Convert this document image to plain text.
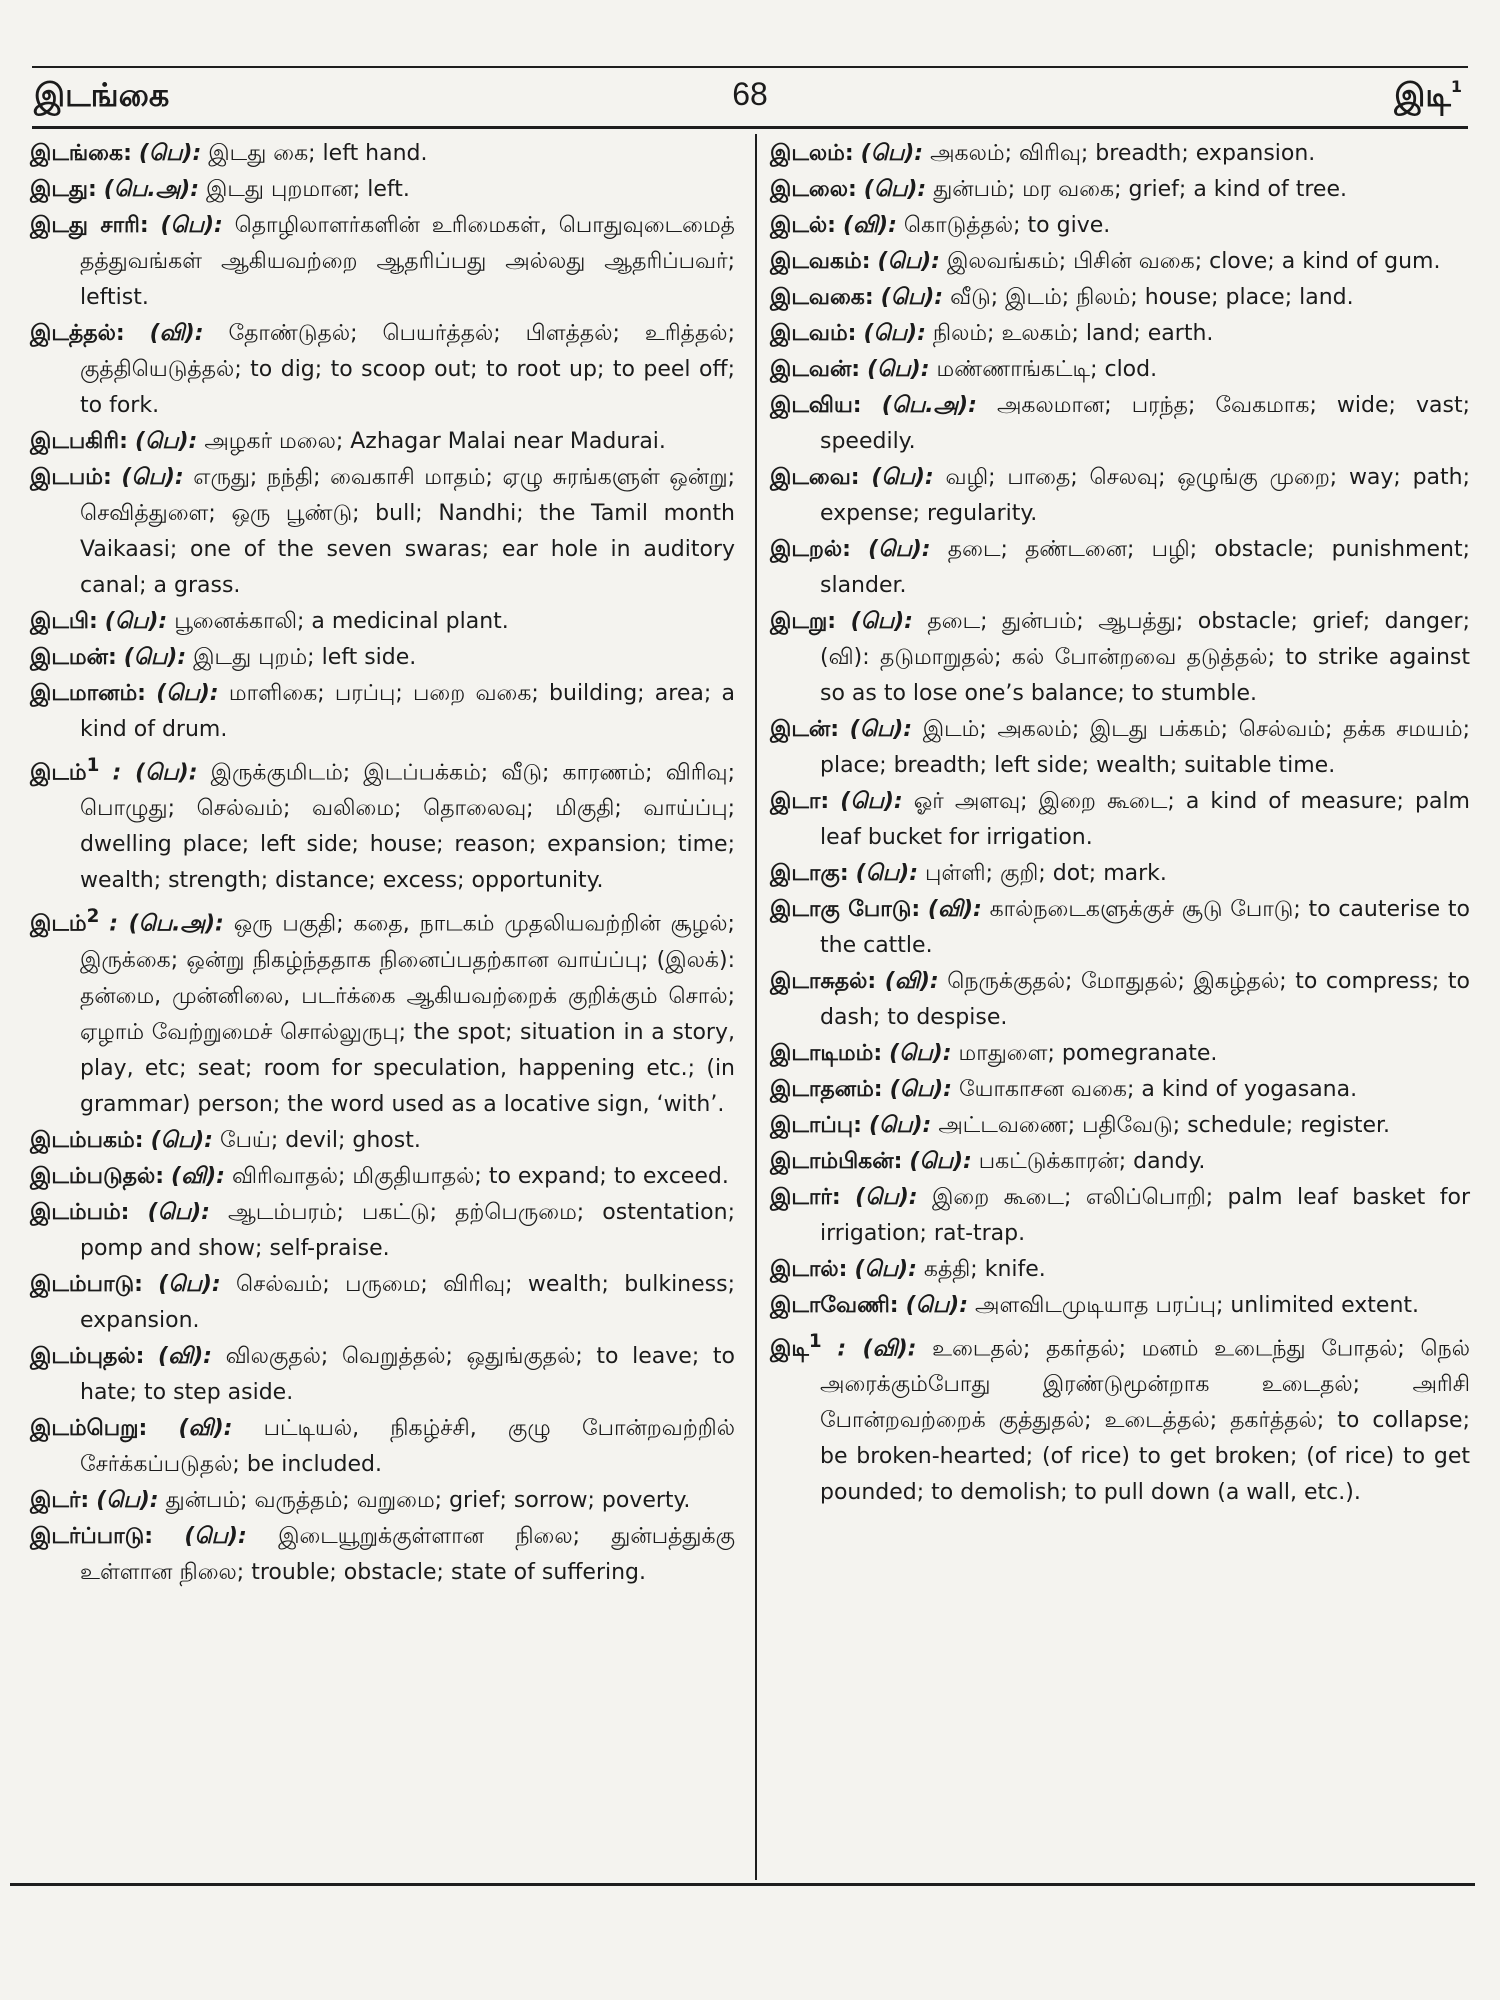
இடங்கை	68	இடி$^1$
இடங்கை: (பெ): இடது கை; left hand.
இடது: (பெ.அ): இடது புறமான; left.
இடது சாரி: (பெ): தொழிலாளர்களின் உரிமைகள், பொதுவுடைமைத் தத்துவங்கள் ஆகியவற்றை ஆதரிப்பது அல்லது ஆதரிப்பவர்; leftist.
இடத்தல்: (வி): தோண்டுதல்; பெயர்த்தல்; பிளத்தல்; உரித்தல்; குத்தியெடுத்தல்; to dig; to scoop out; to root up; to peel off; to fork.
இடபகிரி: (பெ): அழகர் மலை; Azhagar Malai near Madurai.
இடபம்: (பெ): எருது; நந்தி; வைகாசி மாதம்; ஏழு சுரங்களுள் ஒன்று; செவித்துளை; ஒரு பூண்டு; bull; Nandhi; the Tamil month Vaikaasi; one of the seven swaras; ear hole in auditory canal; a grass.
இடபி: (பெ): பூனைக்காலி; a medicinal plant.
இடமன்: (பெ): இடது புறம்; left side.
இடமானம்: (பெ): மாளிகை; பரப்பு; பறை வகை; building; area; a kind of drum.
இடம்$^1$ : (பெ): இருக்குமிடம்; இடப்பக்கம்; வீடு; காரணம்; விரிவு; பொழுது; செல்வம்; வலிமை; தொலைவு; மிகுதி; வாய்ப்பு; dwelling place; left side; house; reason; expansion; time; wealth; strength; distance; excess; opportunity.
இடம்$^2$ : (பெ.அ): ஒரு பகுதி; கதை, நாடகம் முதலியவற்றின் சூழல்; இருக்கை; ஒன்று நிகழ்ந்ததாக நினைப்பதற்கான வாய்ப்பு; (இலக்): தன்மை, முன்னிலை, படர்க்கை ஆகியவற்றைக் குறிக்கும் சொல்; ஏழாம் வேற்றுமைச் சொல்லுருபு; the spot; situation in a story, play, etc; seat; room for speculation, happening etc.; (in grammar) person; the word used as a locative sign, ‘with’.
இடம்பகம்: (பெ): பேய்; devil; ghost.
இடம்படுதல்: (வி): விரிவாதல்; மிகுதியாதல்; to expand; to exceed.
இடம்பம்: (பெ): ஆடம்பரம்; பகட்டு; தற்பெருமை; ostentation; pomp and show; self-praise.
இடம்பாடு: (பெ): செல்வம்; பருமை; விரிவு; wealth; bulkiness; expansion.
இடம்புதல்: (வி): விலகுதல்; வெறுத்தல்; ஒதுங்குதல்; to leave; to hate; to step aside.
இடம்பெறு: (வி): பட்டியல், நிகழ்ச்சி, குழு போன்றவற்றில் சேர்க்கப்படுதல்; be included.
இடர்: (பெ): துன்பம்; வருத்தம்; வறுமை; grief; sorrow; poverty.
இடர்ப்பாடு: (பெ): இடையூறுக்குள்ளான நிலை; துன்பத்துக்கு உள்ளான நிலை; trouble; obstacle; state of suffering.
இடலம்: (பெ): அகலம்; விரிவு; breadth; expansion.
இடலை: (பெ): துன்பம்; மர வகை; grief; a kind of tree.
இடல்: (வி): கொடுத்தல்; to give.
இடவகம்: (பெ): இலவங்கம்; பிசின் வகை; clove; a kind of gum.
இடவகை: (பெ): வீடு; இடம்; நிலம்; house; place; land.
இடவம்: (பெ): நிலம்; உலகம்; land; earth.
இடவன்: (பெ): மண்ணாங்கட்டி; clod.
இடவிய: (பெ.அ): அகலமான; பரந்த; வேகமாக; wide; vast; speedily.
இடவை: (பெ): வழி; பாதை; செலவு; ஒழுங்கு முறை; way; path; expense; regularity.
இடறல்: (பெ): தடை; தண்டனை; பழி; obstacle; punishment; slander.
இடறு: (பெ): தடை; துன்பம்; ஆபத்து; obstacle; grief; danger; (வி): தடுமாறுதல்; கல் போன்றவை தடுத்தல்; to strike against so as to lose one’s balance; to stumble.
இடன்: (பெ): இடம்; அகலம்; இடது பக்கம்; செல்வம்; தக்க சமயம்; place; breadth; left side; wealth; suitable time.
இடா: (பெ): ஓர் அளவு; இறை கூடை; a kind of measure; palm leaf bucket for irrigation.
இடாகு: (பெ): புள்ளி; குறி; dot; mark.
இடாகு போடு: (வி): கால்நடைகளுக்குச் சூடு போடு; to cauterise to the cattle.
இடாசுதல்: (வி): நெருக்குதல்; மோதுதல்; இகழ்தல்; to compress; to dash; to despise.
இடாடிமம்: (பெ): மாதுளை; pomegranate.
இடாதனம்: (பெ): யோகாசன வகை; a kind of yogasana.
இடாப்பு: (பெ): அட்டவணை; பதிவேடு; schedule; register.
இடாம்பிகன்: (பெ): பகட்டுக்காரன்; dandy.
இடார்: (பெ): இறை கூடை; எலிப்பொறி; palm leaf basket for irrigation; rat-trap.
இடால்: (பெ): கத்தி; knife.
இடாவேணி: (பெ): அளவிடமுடியாத பரப்பு; unlimited extent.
இடி$^1$ : (வி): உடைதல்; தகர்தல்; மனம் உடைந்து போதல்; நெல் அரைக்கும்போது இரண்டுமூன்றாக உடைதல்; அரிசி போன்றவற்றைக் குத்துதல்; உடைத்தல்; தகர்த்தல்; to collapse; be broken-hearted; (of rice) to get broken; (of rice) to get pounded; to demolish; to pull down (a wall, etc.).
